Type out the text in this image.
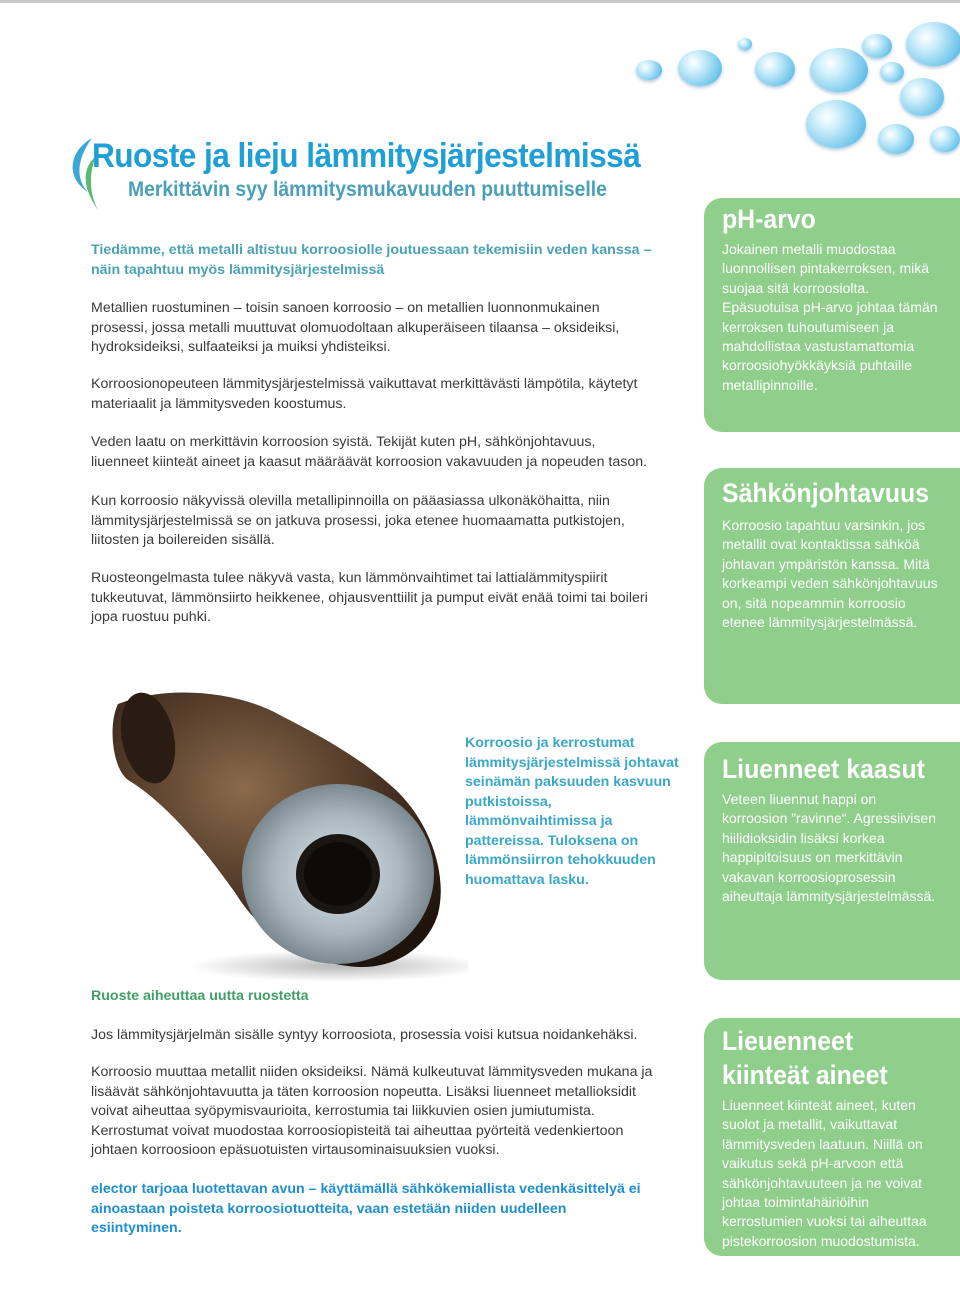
Ruoste ja lieju lämmitysjärjestelmissä
Merkittävin syy lämmitysmukavuuden puuttumiselle

Tiedämme, että metalli altistuu korroosiolle joutuessaan tekemisiin veden kanssa – näin tapahtuu myös lämmitysjärjestelmissä

Metallien ruostuminen – toisin sanoen korroosio – on metallien luonnonmukainen prosessi, jossa metalli muuttuvat olomuodoltaan alkuperäiseen tilaansa – oksideiksi, hydroksideiksi, sulfaateiksi ja muiksi yhdisteiksi.

Korroosionopeuteen lämmitysjärjestelmissä vaikuttavat merkittävästi lämpötila, käytetyt materiaalit ja lämmitysveden koostumus.

Veden laatu on merkittävin korroosion syistä. Tekijät kuten pH, sähkönjohtavuus, liuenneet kiinteät aineet ja kaasut määräävät korroosion vakavuuden ja nopeuden tason.

Kun korroosio näkyvissä olevilla metallipinnoilla on pääasiassa ulkonäköhaitta, niin lämmitysjärjestelmissä se on jatkuva prosessi, joka etenee huomaamatta putkistojen, liitosten ja boilereiden sisällä.

Ruosteongelmasta tulee näkyvä vasta, kun lämmönvaihtimet tai lattialämmityspiirit tukkeutuvat, lämmönsiirto heikkenee, ohjausventtiilit ja pumput eivät enää toimi tai boileri jopa ruostuu puhki.

Korroosio ja kerrostumat lämmitysjärjestelmissä johtavat seinämän paksuuden kasvuun putkistoissa, lämmönvaihtimissa ja pattereissa. Tuloksena on lämmönsiirron tehokkuuden huomattava lasku.

Ruoste aiheuttaa uutta ruostetta

Jos lämmitysjärjelmän sisälle syntyy korroosiota, prosessia voisi kutsua noidankehäksi.

Korroosio muuttaa metallit niiden oksideiksi. Nämä kulkeutuvat lämmitysveden mukana ja lisäävät sähkönjohtavuutta ja täten korroosion nopeutta. Lisäksi liuenneet metallioksidit voivat aiheuttaa syöpymisvaurioita, kerrostumia tai liikkuvien osien jumiutumista. Kerrostumat voivat muodostaa korroosiopisteitä tai aiheuttaa pyörteitä vedenkiertoon johtaen korroosioon epäsuotuisten virtausominaisuuksien vuoksi.

elector tarjoaa luotettavan avun – käyttämällä sähkökemiallista vedenkäsittelyä ei ainoastaan poisteta korroosiotuotteita, vaan estetään niiden uudelleen esiintyminen.

pH-arvo

Jokainen metalli muodostaa luonnollisen pintakerroksen, mikä suojaa sitä korroosiolta. Epäsuotuisa pH-arvo johtaa tämän kerroksen tuhoutumiseen ja mahdollistaa vastustamattomia korroosiohyökkäyksiä puhtaille metallipinnoille.

Sähkönjohtavuus

Korroosio tapahtuu varsinkin, jos metallit ovat kontaktissa sähköä johtavan ympäristön kanssa. Mitä korkeampi veden sähkönjohtavuus on, sitä nopeammin korroosio etenee lämmitysjärjestelmässä.

Liuenneet kaasut

Veteen liuennut happi on korroosion ”ravinne“. Agressiivisen hiilidioksidin lisäksi korkea happipitoisuus on merkittävin vakavan korroosioprosessin aiheuttaja lämmitysjärjestelmässä.

Lieuenneet
kiinteät aineet

Liuenneet kiinteät aineet, kuten suolot ja metallit, vaikuttavat lämmitysveden laatuun. Niillä on vaikutus sekä pH-arvoon että sähkönjohtavuuteen ja ne voivat johtaa toimintahäiriöihin kerrostumien vuoksi tai aiheuttaa pistekorroosion muodostumista.
